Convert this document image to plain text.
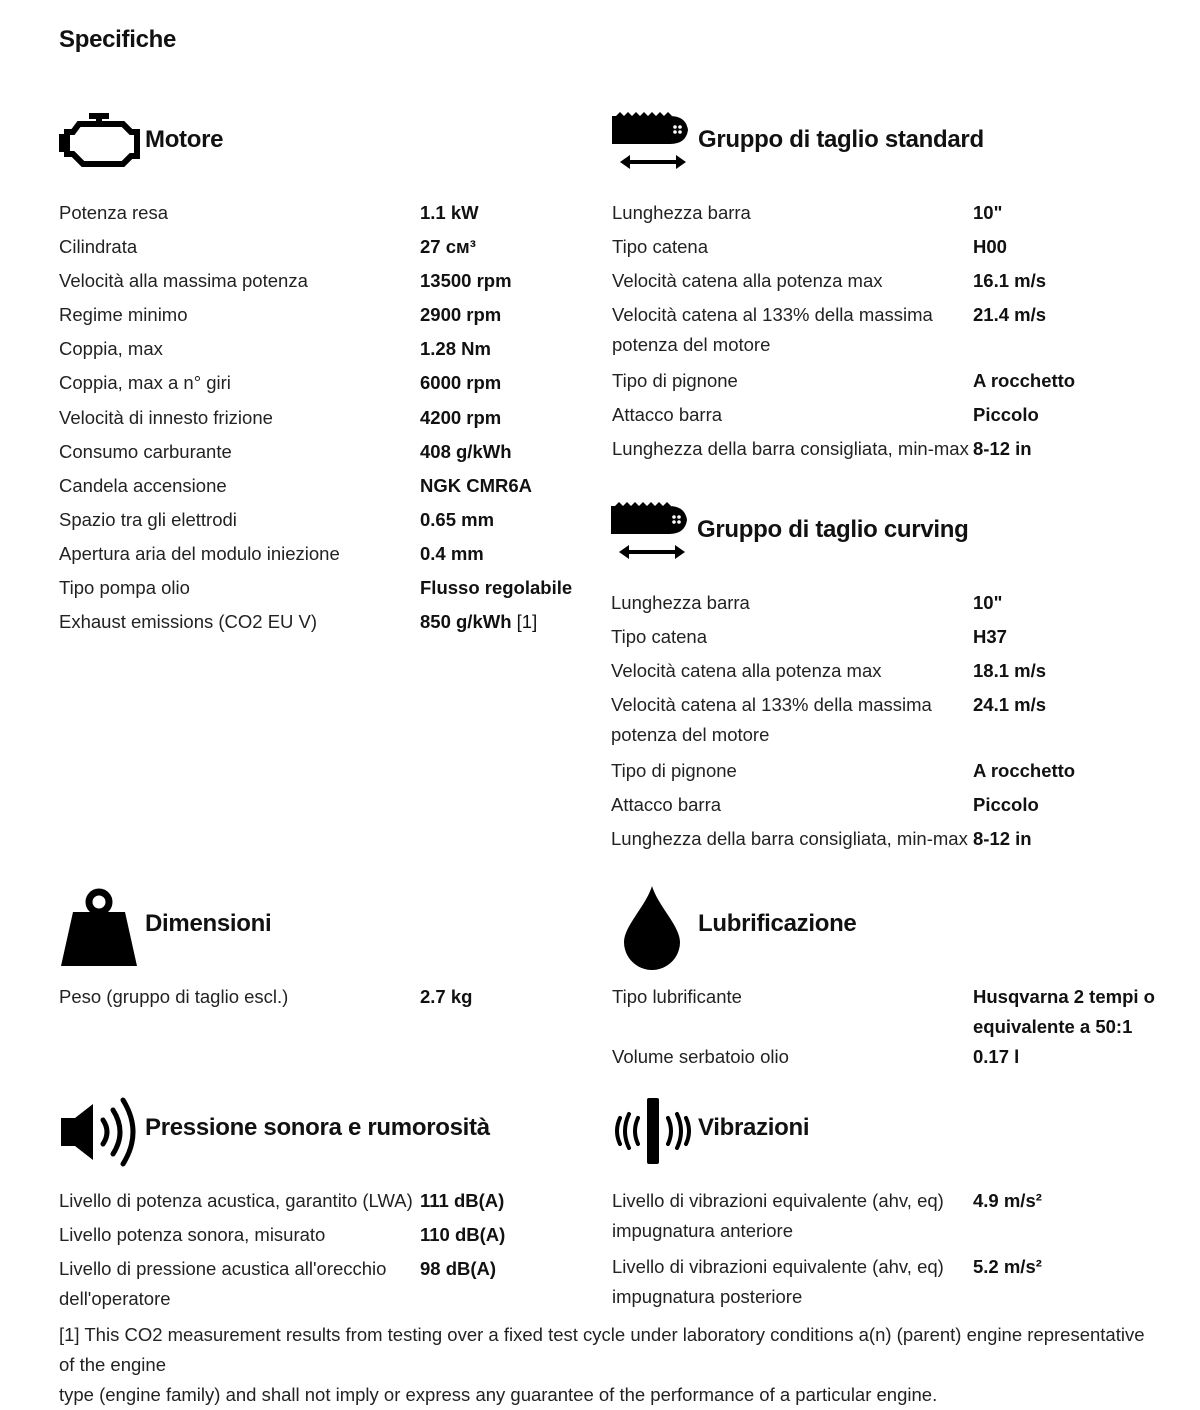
Specifiche
Motore
Potenza resa	1.1 kW
Cilindrata	27 см³
Velocità alla massima potenza	13500 rpm
Regime minimo	2900 rpm
Coppia, max	1.28 Nm
Coppia, max a n° giri	6000 rpm
Velocità di innesto frizione	4200 rpm
Consumo carburante	408 g/kWh
Candela accensione	NGK CMR6A
Spazio tra gli elettrodi	0.65 mm
Apertura aria del modulo iniezione	0.4 mm
Tipo pompa olio	Flusso regolabile
Exhaust emissions (CO2 EU V)	850 g/kWh [1]
Gruppo di taglio standard
Lunghezza barra	10"
Tipo catena	H00
Velocità catena alla potenza max	16.1 m/s
Velocità catena al 133% della massima 21.4 m/s
potenza del motore
Tipo di pignone	A rocchetto
Attacco barra	Piccolo
Lunghezza della barra consigliata, min-max 8-12 in
Gruppo di taglio curving
Lunghezza barra	10"
Tipo catena	H37
Velocità catena alla potenza max	18.1 m/s
Velocità catena al 133% della massima 24.1 m/s
potenza del motore
Tipo di pignone	A rocchetto
Attacco barra	Piccolo
Lunghezza della barra consigliata, min-max 8-12 in
Dimensioni
Peso (gruppo di taglio escl.)	2.7 kg
Lubrificazione
Tipo lubrificante	Husqvarna 2 tempi o
equivalente a 50:1
Volume serbatoio olio	0.17 l
Pressione sonora e rumorosità
Livello di potenza acustica, garantito (LWA) 111 dB(A)
Livello potenza sonora, misurato	110 dB(A)
Livello di pressione acustica all'orecchio 98 dB(A)
dell'operatore
Vibrazioni
Livello di vibrazioni equivalente (ahv, eq) 4.9 m/s²
impugnatura anteriore
Livello di vibrazioni equivalente (ahv, eq) 5.2 m/s²
impugnatura posteriore
[1] This CO2 measurement results from testing over a fixed test cycle under laboratory conditions a(n) (parent) engine representative of the engine
type (engine family) and shall not imply or express any guarantee of the performance of a particular engine.
